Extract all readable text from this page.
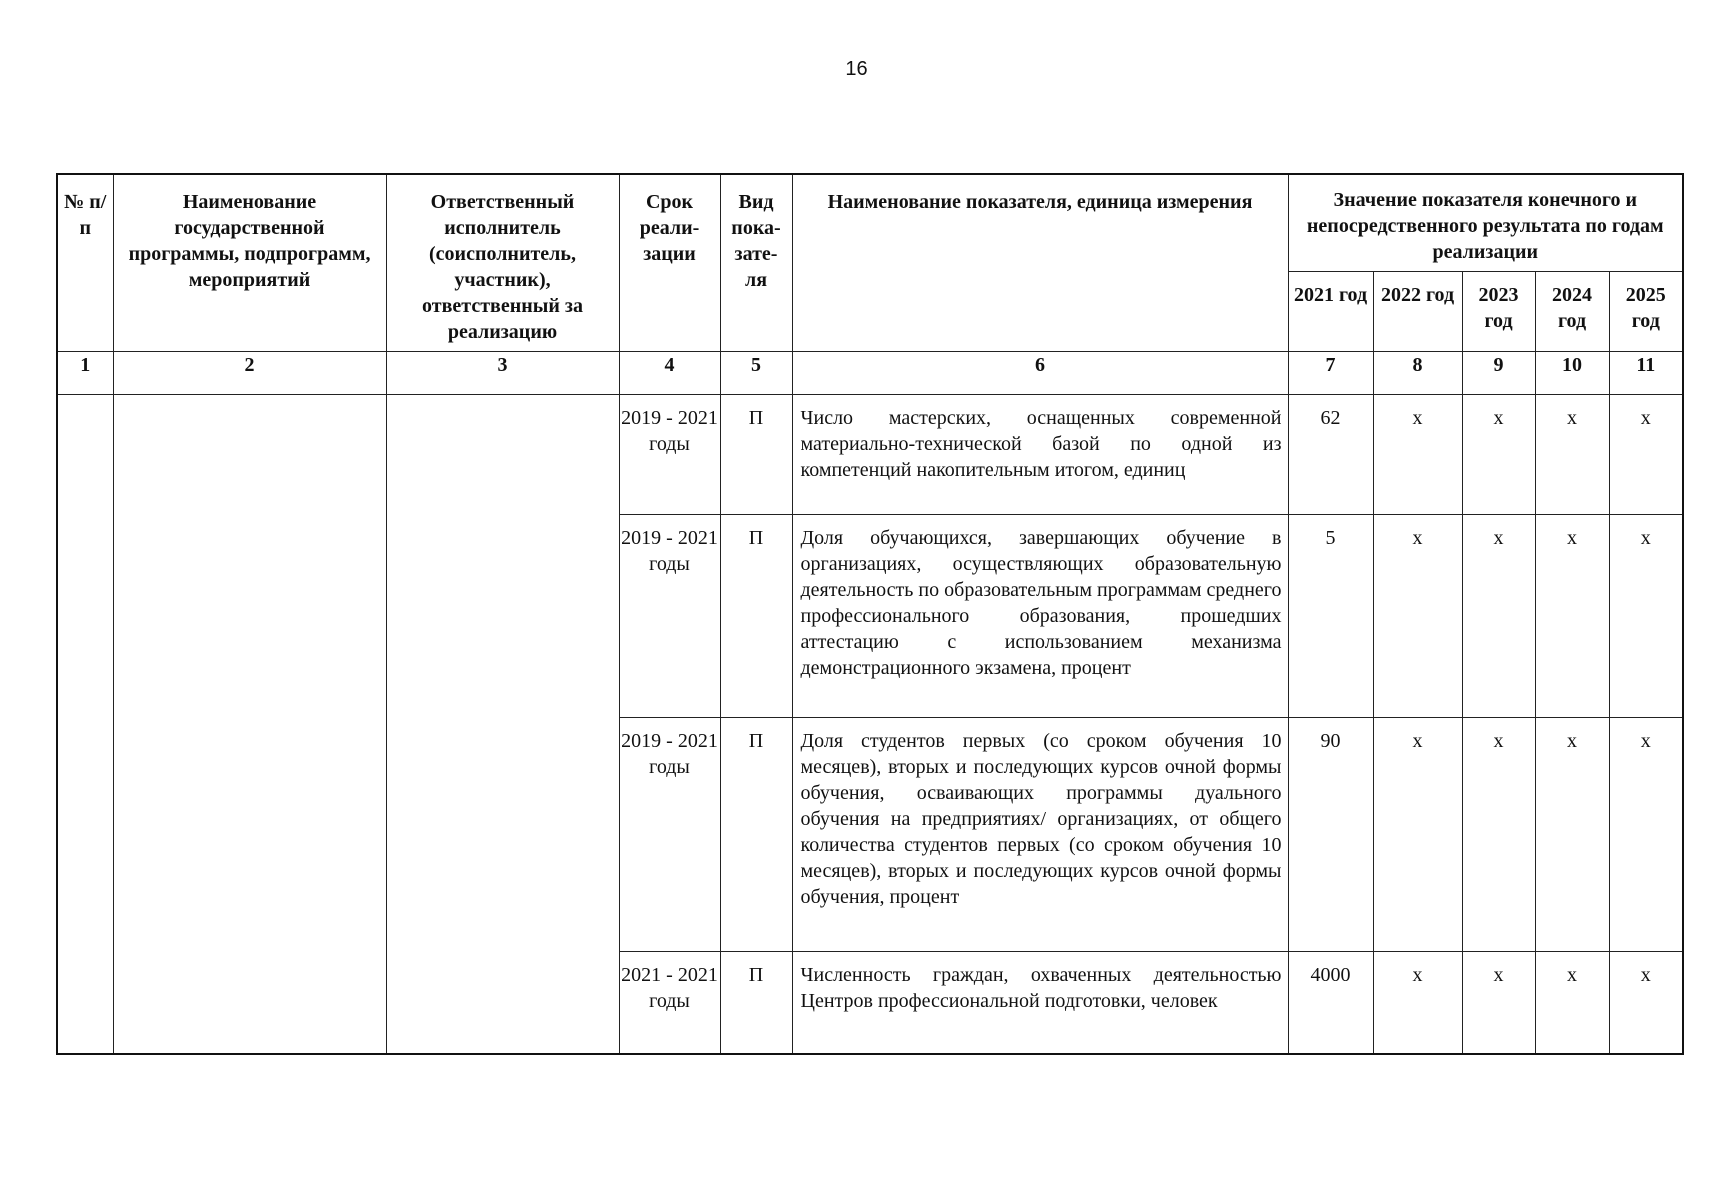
16
№ п/п	Наименование государственной программы, подпрограмм, мероприятий	Ответственный исполнитель (соисполнитель, участник), ответственный за реализацию	Срок реали-зации	Вид пока-зате-ля	Наименование показателя, единица измерения	Значение показателя конечного и непосредственного результата по годам реализации				
						2021 год	2022 год	2023 год	2024 год	2025 год
1	2	3	4	5	6	7	8	9	10	11
			2019 - 2021 годы	П	Число мастерских, оснащенных современной материально-технической базой по одной из компетенций накопительным итогом, единиц	62	х	х	х	х
			2019 - 2021 годы	П	Доля обучающихся, завершающих обучение в организациях, осуществляющих образовательную деятельность по образовательным программам среднего профессионального образования, прошедших аттестацию с использованием механизма демонстрационного экзамена, процент	5	х	х	х	х
			2019 - 2021 годы	П	Доля студентов первых (со сроком обучения 10 месяцев), вторых и последующих курсов очной формы обучения, осваивающих программы дуального обучения на предприятиях/ организациях, от общего количества студентов первых (со сроком обучения 10 месяцев), вторых и последующих курсов очной формы обучения, процент	90	х	х	х	х
			2021 - 2021 годы	П	Численность граждан, охваченных деятельностью Центров профессиональной подготовки, человек	4000	х	х	х	х
